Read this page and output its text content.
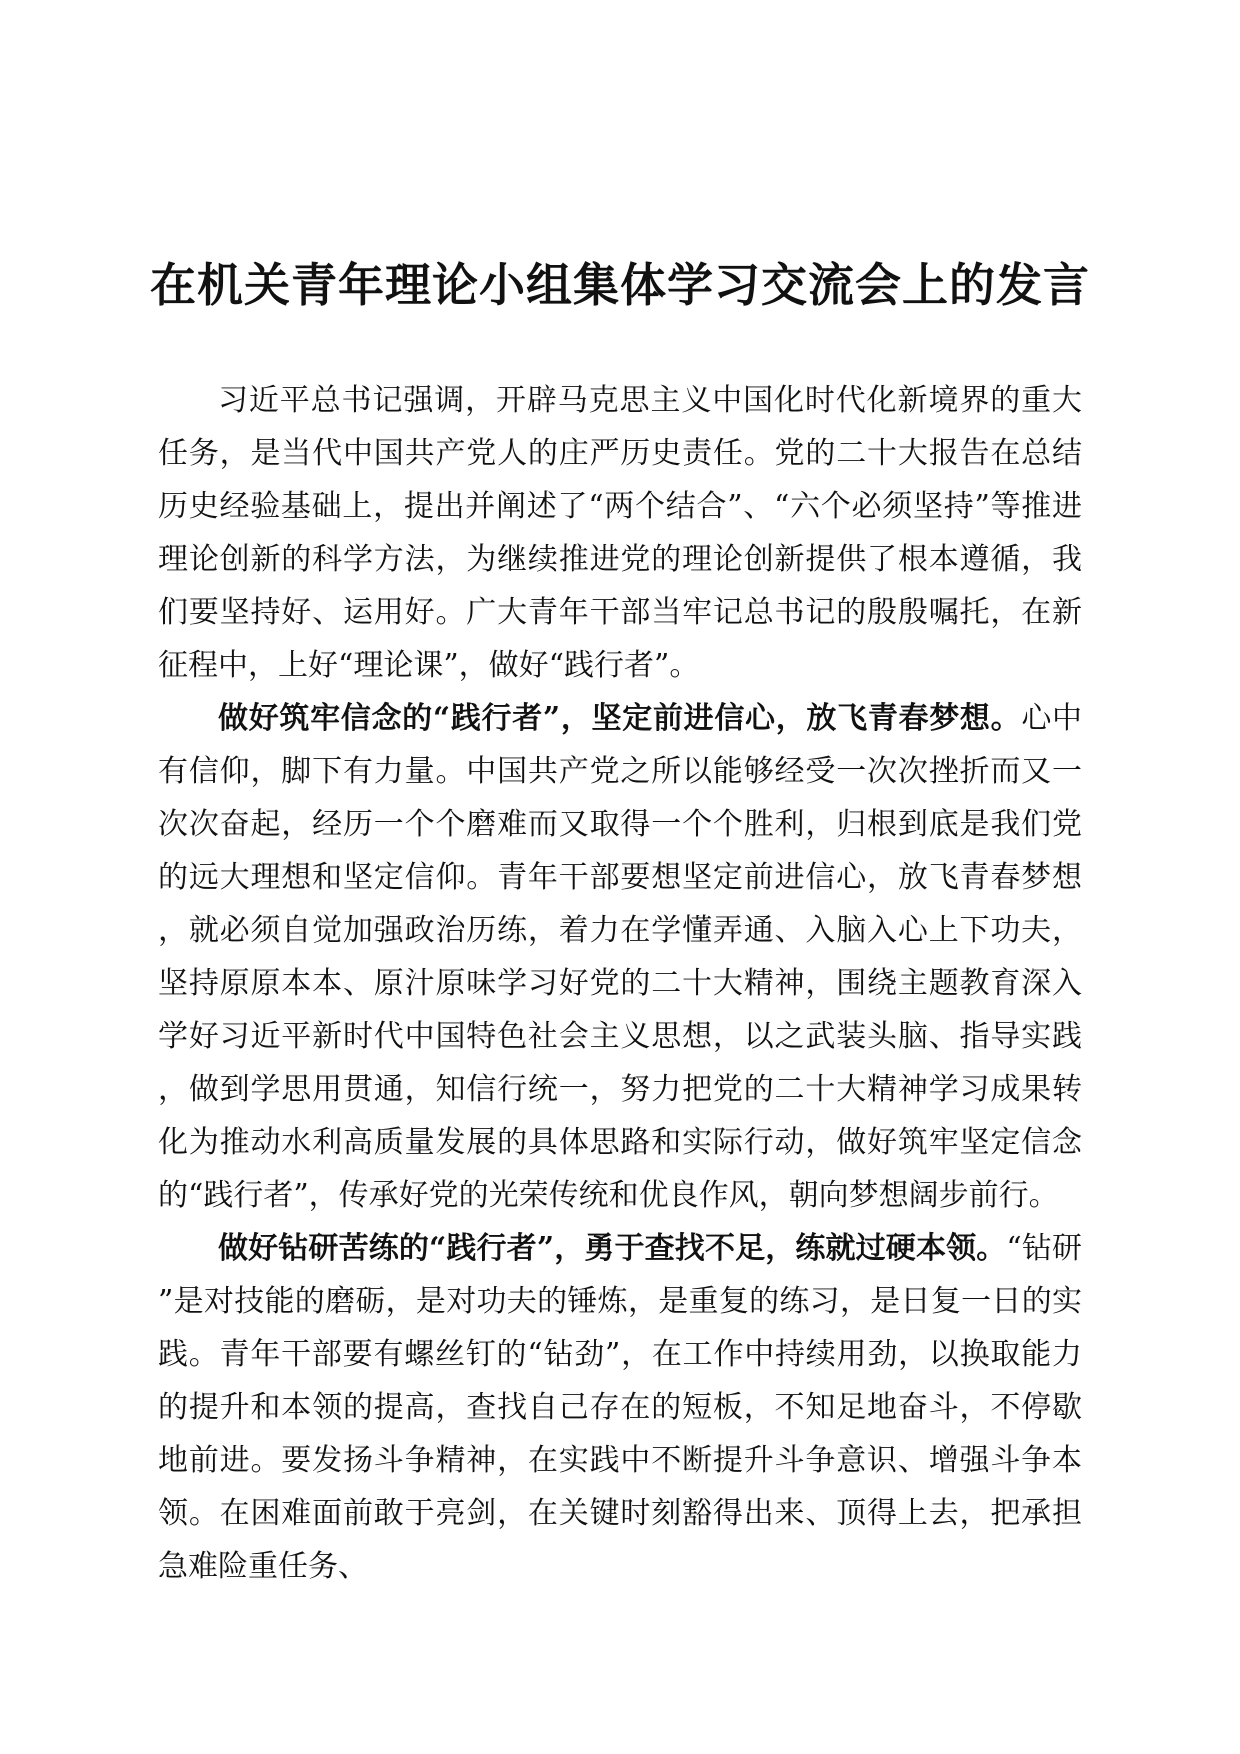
在机关青年理论小组集体学习交流会上的发言

习近平总书记强调，开辟马克思主义中国化时代化新境界的重大任务，是当代中国共产党人的庄严历史责任。党的二十大报告在总结历史经验基础上，提出并阐述了“两个结合”、“六个必须坚持”等推进理论创新的科学方法，为继续推进党的理论创新提供了根本遵循，我们要坚持好、运用好。广大青年干部当牢记总书记的殷殷嘱托，在新征程中，上好“理论课”，做好“践行者”。

做好筑牢信念的“践行者”，坚定前进信心，放飞青春梦想。心中有信仰，脚下有力量。中国共产党之所以能够经受一次次挫折而又一次次奋起，经历一个个磨难而又取得一个个胜利，归根到底是我们党的远大理想和坚定信仰。青年干部要想坚定前进信心，放飞青春梦想，就必须自觉加强政治历练，着力在学懂弄通、入脑入心上下功夫，坚持原原本本、原汁原味学习好党的二十大精神，围绕主题教育深入学好习近平新时代中国特色社会主义思想，以之武装头脑、指导实践，做到学思用贯通，知信行统一，努力把党的二十大精神学习成果转化为推动水利高质量发展的具体思路和实际行动，做好筑牢坚定信念的“践行者”，传承好党的光荣传统和优良作风，朝向梦想阔步前行。

做好钻研苦练的“践行者”，勇于查找不足，练就过硬本领。“钻研”是对技能的磨砺，是对功夫的锤炼，是重复的练习，是日复一日的实践。青年干部要有螺丝钉的“钻劲”，在工作中持续用劲，以换取能力的提升和本领的提高，查找自己存在的短板，不知足地奋斗，不停歇地前进。要发扬斗争精神，在实践中不断提升斗争意识、增强斗争本领。在困难面前敢于亮剑，在关键时刻豁得出来、顶得上去，把承担急难险重任务、
